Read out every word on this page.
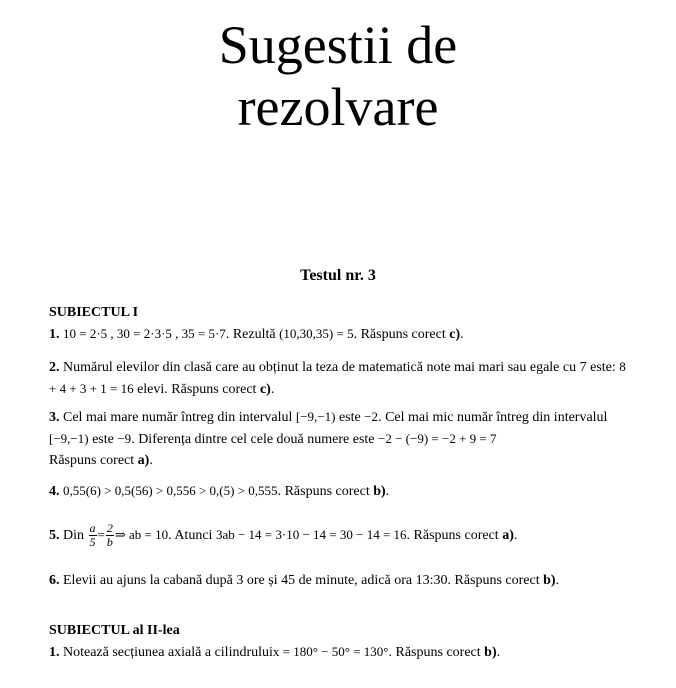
Sugestii de
rezolvare
Testul nr. 3
SUBIECTUL I
1. 10 = 2·5 , 30 = 2·3·5 , 35 = 5·7. Rezultă (10,30,35) = 5. Răspuns corect c).
2. Numărul elevilor din clasă care au obținut la teza de matematică note mai mari sau egale cu 7 este: 8 + 4 + 3 + 1 = 16 elevi. Răspuns corect c).
3. Cel mai mare număr întreg din intervalul [−9,−1) este −2. Cel mai mic număr întreg din intervalul [−9,−1) este −9. Diferența dintre cel cele două numere este −2 − (−9) = −2 + 9 = 7
Răspuns corect a).
4. 0,55(6) > 0,5(56) > 0,556 > 0,(5) > 0,555. Răspuns corect b).
5. Din $\frac{a}{5} = \frac{2}{b}$ ⇒ ab = 10. Atunci 3ab − 14 = 3·10 − 14 = 30 − 14 = 16. Răspuns corect a).
6. Elevii au ajuns la cabană după 3 ore și 45 de minute, adică ora 13:30. Răspuns corect b).
SUBIECTUL al II-lea
1. Notează secțiunea axială a cilindruluix = 180° − 50° = 130°. Răspuns corect b).
